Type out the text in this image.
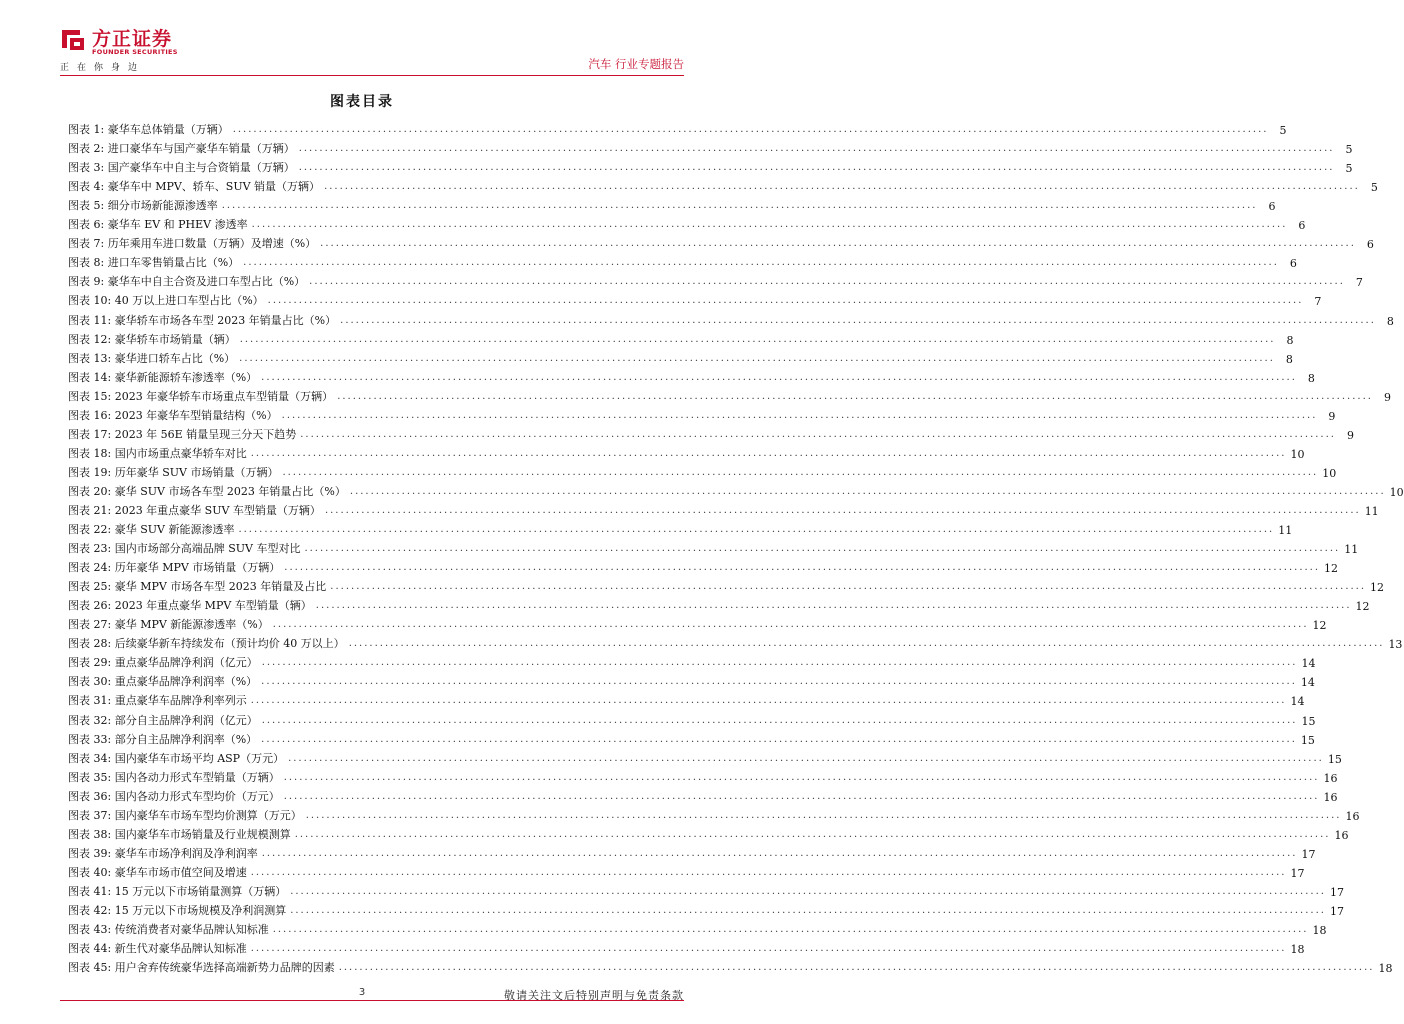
方正证券
FOUNDER SECURITIES
正在你身边	汽车 行业专题报告
图表目录
图表 1: 豪华车总体销量（万辆） ........................................................................................................................................................................................................	5
图表 2: 进口豪华车与国产豪华车销量（万辆） ........................................................................................................................................................................................................	5
图表 3: 国产豪华车中自主与合资销量（万辆） ........................................................................................................................................................................................................	5
图表 4: 豪华车中 MPV、轿车、SUV 销量（万辆） ........................................................................................................................................................................................................	5
图表 5: 细分市场新能源渗透率 ........................................................................................................................................................................................................	6
图表 6: 豪华车 EV 和 PHEV 渗透率 ........................................................................................................................................................................................................	6
图表 7: 历年乘用车进口数量（万辆）及增速（%） ........................................................................................................................................................................................................	6
图表 8: 进口车零售销量占比（%） ........................................................................................................................................................................................................	6
图表 9: 豪华车中自主合资及进口车型占比（%） ........................................................................................................................................................................................................	7
图表 10: 40 万以上进口车型占比（%） ........................................................................................................................................................................................................	7
图表 11: 豪华轿车市场各车型 2023 年销量占比（%） ........................................................................................................................................................................................................	8
图表 12: 豪华轿车市场销量（辆） ........................................................................................................................................................................................................	8
图表 13: 豪华进口轿车占比（%） ........................................................................................................................................................................................................	8
图表 14: 豪华新能源轿车渗透率（%） ........................................................................................................................................................................................................	8
图表 15: 2023 年豪华轿车市场重点车型销量（万辆） ........................................................................................................................................................................................................	9
图表 16: 2023 年豪华车型销量结构（%） ........................................................................................................................................................................................................	9
图表 17: 2023 年 56E 销量呈现三分天下趋势 ........................................................................................................................................................................................................	9
图表 18: 国内市场重点豪华轿车对比 ........................................................................................................................................................................................................ 10
图表 19: 历年豪华 SUV 市场销量（万辆） ........................................................................................................................................................................................................ 10
图表 20: 豪华 SUV 市场各车型 2023 年销量占比（%） ........................................................................................................................................................................................................ 10
图表 21: 2023 年重点豪华 SUV 车型销量（万辆） ........................................................................................................................................................................................................ 11
图表 22: 豪华 SUV 新能源渗透率 ........................................................................................................................................................................................................ 11
图表 23: 国内市场部分高端品牌 SUV 车型对比 ........................................................................................................................................................................................................ 11
图表 24: 历年豪华 MPV 市场销量（万辆） ........................................................................................................................................................................................................ 12
图表 25: 豪华 MPV 市场各车型 2023 年销量及占比 ........................................................................................................................................................................................................ 12
图表 26: 2023 年重点豪华 MPV 车型销量（辆） ........................................................................................................................................................................................................ 12
图表 27: 豪华 MPV 新能源渗透率（%） ........................................................................................................................................................................................................ 12
图表 28: 后续豪华新车持续发布（预计均价 40 万以上） ........................................................................................................................................................................................................ 13
图表 29: 重点豪华品牌净利润（亿元） ........................................................................................................................................................................................................ 14
图表 30: 重点豪华品牌净利润率（%） ........................................................................................................................................................................................................ 14
图表 31: 重点豪华车品牌净利率列示 ........................................................................................................................................................................................................ 14
图表 32: 部分自主品牌净利润（亿元） ........................................................................................................................................................................................................ 15
图表 33: 部分自主品牌净利润率（%） ........................................................................................................................................................................................................ 15
图表 34: 国内豪华车市场平均 ASP（万元） ........................................................................................................................................................................................................ 15
图表 35: 国内各动力形式车型销量（万辆） ........................................................................................................................................................................................................ 16
图表 36: 国内各动力形式车型均价（万元） ........................................................................................................................................................................................................ 16
图表 37: 国内豪华车市场车型均价测算（万元） ........................................................................................................................................................................................................ 16
图表 38: 国内豪华车市场销量及行业规模测算 ........................................................................................................................................................................................................ 16
图表 39: 豪华车市场净利润及净利润率 ........................................................................................................................................................................................................ 17
图表 40: 豪华车市场市值空间及增速 ........................................................................................................................................................................................................ 17
图表 41: 15 万元以下市场销量测算（万辆） ........................................................................................................................................................................................................ 17
图表 42: 15 万元以下市场规模及净利润测算 ........................................................................................................................................................................................................ 17
图表 43: 传统消费者对豪华品牌认知标准 ........................................................................................................................................................................................................ 18
图表 44: 新生代对豪华品牌认知标准 ........................................................................................................................................................................................................ 18
图表 45: 用户舍弃传统豪华选择高端新势力品牌的因素 ........................................................................................................................................................................................................ 18
3	敬请关注文后特别声明与免责条款
